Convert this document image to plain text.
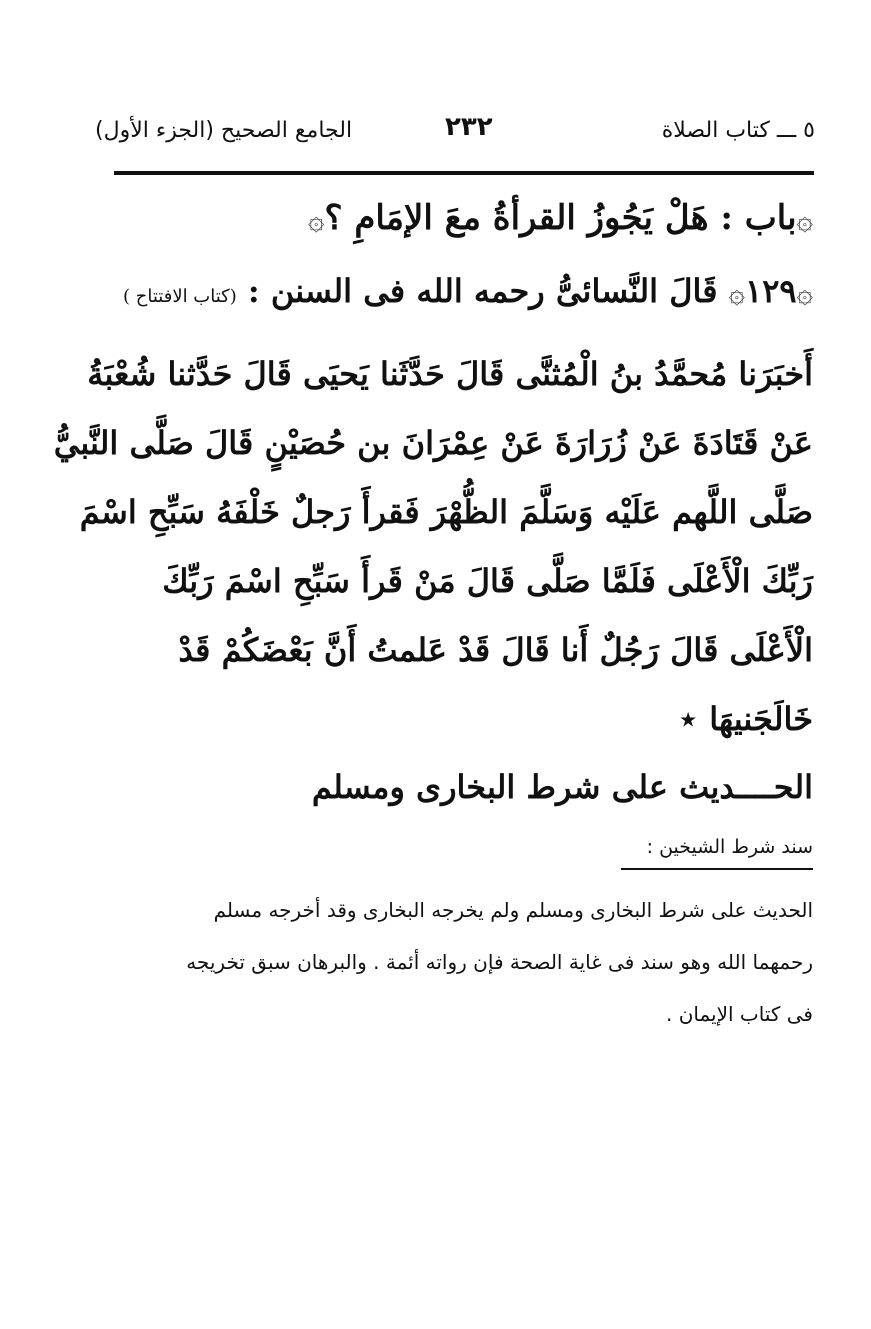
٥ ـــ كتاب الصلاة
٢٣٢
الجامع الصحيح (الجزء الأول)
۞باب : هَلْ يَجُوزُ القرأةُ معَ الإمَامِ ؟۞
۞١٢٩۞ قَالَ النَّسائىُّ رحمه الله فى السنن : (كتاب الافتتاح )
أَخبَرَنا مُحمَّدُ بنُ الْمُثنَّى قَالَ حَدَّثَنا يَحيَى قَالَ حَدَّثنا شُعْبَةُ
عَنْ قَتَادَةَ عَنْ زُرَارَةَ عَنْ عِمْرَانَ بن حُصَيْنٍ قَالَ صَلَّى النَّبيُّ
صَلَّى اللَّهم عَلَيْه وَسَلَّمَ الظُّهْرَ فَقرأَ رَجلٌ خَلْفَهُ سَبِّحِ اسْمَ
رَبِّكَ الْأَعْلَى فَلَمَّا صَلَّى قَالَ مَنْ قَرأَ سَبِّحِ اسْمَ رَبِّكَ
الْأَعْلَى قَالَ رَجُلٌ أَنا قَالَ قَدْ عَلمتُ أَنَّ بَعْضَكُمْ قَدْ
خَالَجَنيهَا ⋆
الحــــديث على شرط البخارى ومسلم
سند شرط الشيخين :
الحديث على شرط البخارى ومسلم ولم يخرجه البخارى وقد أخرجه مسلم
رحمهما الله وهو سند فى غاية الصحة فإن رواته أئمة . والبرهان سبق تخريجه
فى كتاب الإيمان .
